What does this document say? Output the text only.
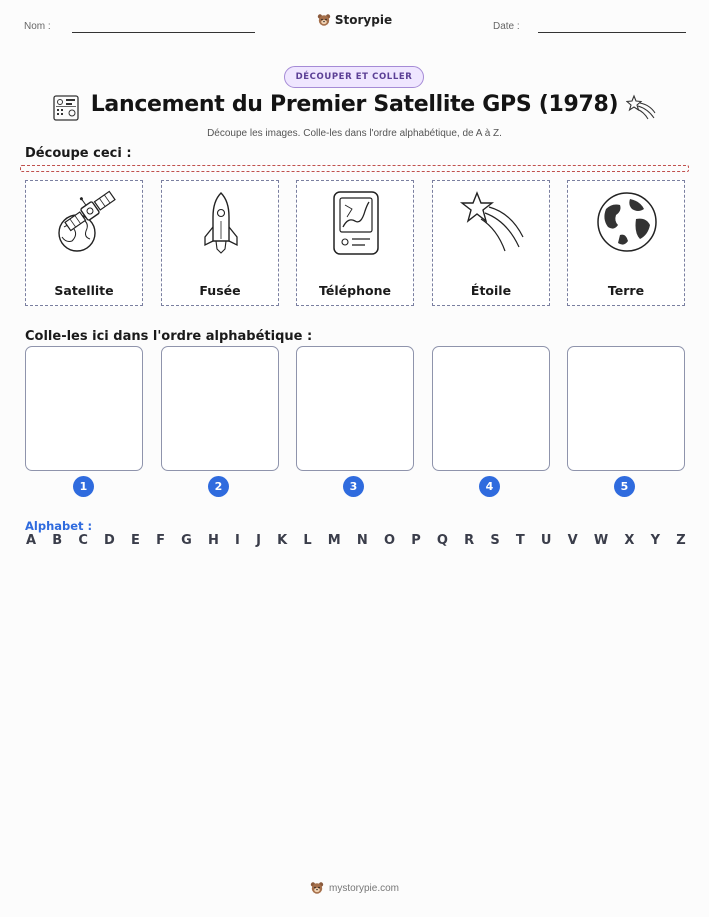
Nom :	Storypie	Date :
DÉCOUPER ET COLLER
Lancement du Premier Satellite GPS (1978)
Découpe les images. Colle-les dans l'ordre alphabétique, de A à Z.
Découpe ceci :
Satellite	Fusée	Téléphone	Étoile	Terre
Colle-les ici dans l'ordre alphabétique :
1	2	3	4	5
Alphabet :
A B C D E F G H I J K L M N O P Q R S T U V W X Y Z
mystorypie.com
